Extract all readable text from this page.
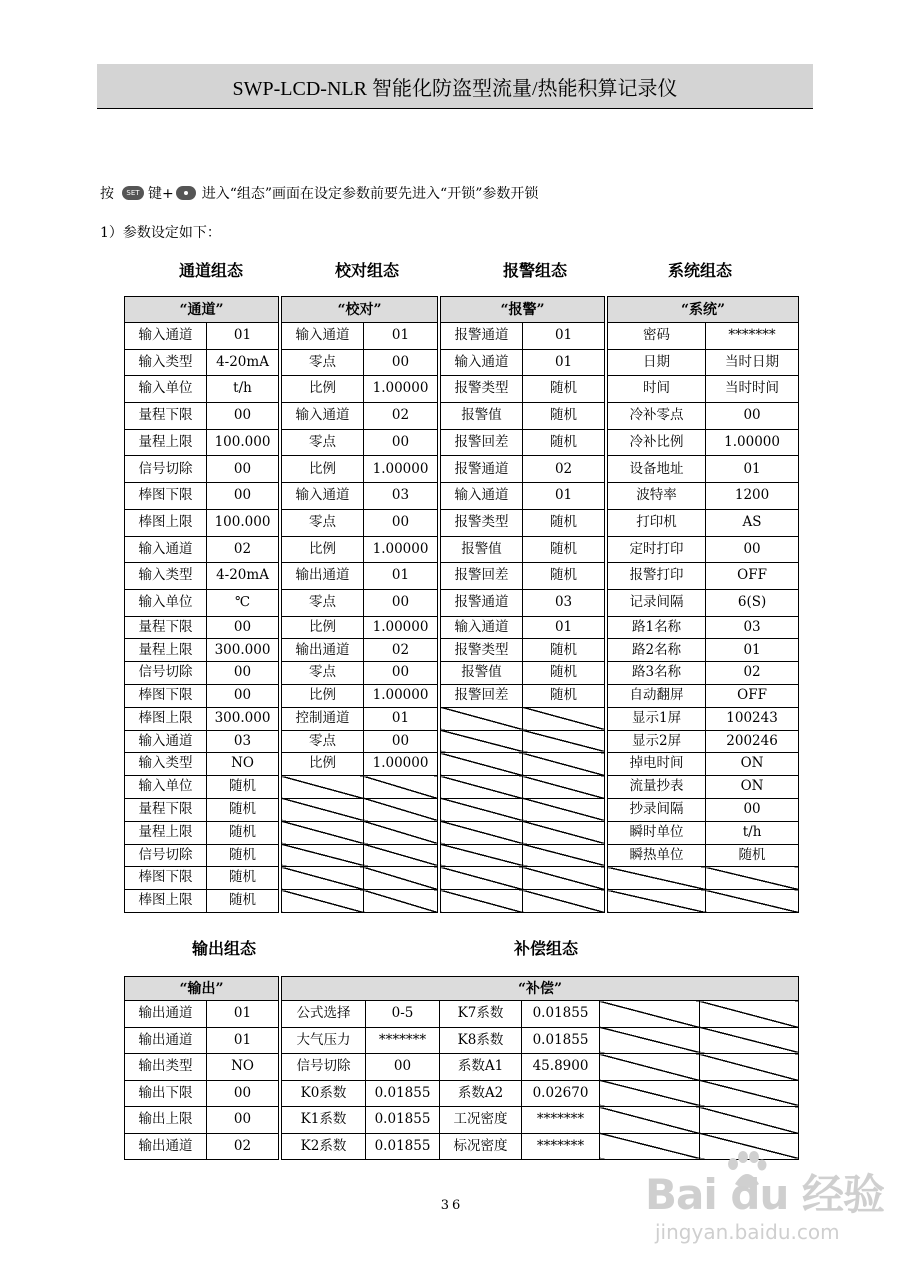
SWP-LCD-NLR 智能化防盗型流量/热能积算记录仪
按	SET 键+ 进入“组态”画面在设定参数前要先进入“开锁”参数开锁
1）参数设定如下：
通道组态	校对组态	报警组态	系统组态
“通道”			“校对”			“报警”			“系统”	
输入通道	01		输入通道	01		报警通道	01		密码	*******
输入类型	4-20mA		零点	00		输入通道	01		日期	当时日期
输入单位	t/h		比例	1.00000		报警类型	随机		时间	当时时间
量程下限	00		输入通道	02		报警值	随机		冷补零点	00
量程上限	100.000		零点	00		报警回差	随机		冷补比例	1.00000
信号切除	00		比例	1.00000		报警通道	02		设备地址	01
棒图下限	00		输入通道	03		输入通道	01		波特率	1200
棒图上限	100.000		零点	00		报警类型	随机		打印机	AS
输入通道	02		比例	1.00000		报警值	随机		定时打印	00
输入类型	4-20mA		输出通道	01		报警回差	随机		报警打印	OFF
输入单位	℃		零点	00		报警通道	03		记录间隔	6(S)
量程下限	00		比例	1.00000		输入通道	01		路1名称	03
量程上限	300.000		输出通道	02		报警类型	随机		路2名称	01
信号切除	00		零点	00		报警值	随机		路3名称	02
棒图下限	00		比例	1.00000		报警回差	随机		自动翻屏	OFF
棒图上限	300.000		控制通道	01					显示1屏	100243
输入通道	03		零点	00					显示2屏	200246
输入类型	NO		比例	1.00000					掉电时间	ON
输入单位	随机								流量抄表	ON
量程下限	随机								抄录间隔	00
量程上限	随机								瞬时单位	t/h
信号切除	随机								瞬热单位	随机
棒图下限	随机									
棒图上限	随机									
输出组态	补偿组态
“输出”			“补偿”					
输出通道	01		公式选择	0-5	K7系数	0.01855		
输出通道	01		大气压力	*******	K8系数	0.01855		
输出类型	NO		信号切除	00	系数A1	45.8900		
输出下限	00		K0系数	0.01855	系数A2	0.02670		
输出上限	00		K1系数	0.01855	工况密度	*******		
输出通道	02		K2系数	0.01855	标况密度	*******		
36	Bai du 经验
jingyan.baidu.com
